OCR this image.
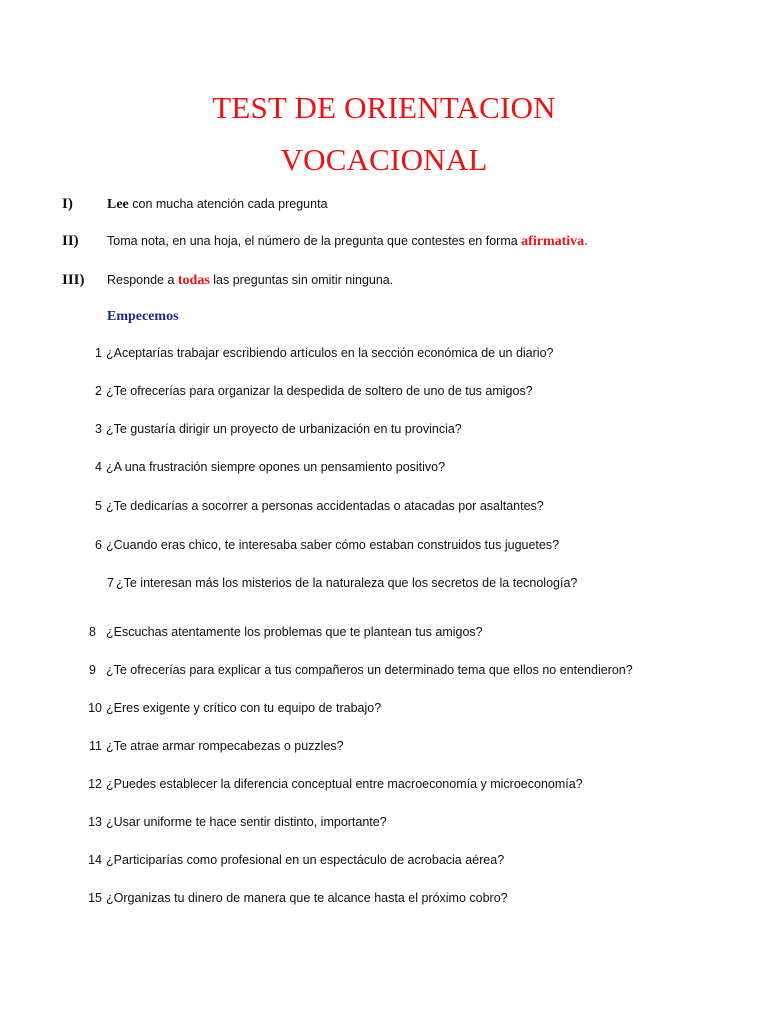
TEST DE ORIENTACION
VOCACIONAL
I) Lee con mucha atención cada pregunta
II) Toma nota, en una hoja, el número de la pregunta que contestes en forma afirmativa.
III) Responde a todas las preguntas sin omitir ninguna.
Empecemos
1 ¿Aceptarías trabajar escribiendo artículos en la sección económica de un diario?
2 ¿Te ofrecerías para organizar la despedida de soltero de uno de tus amigos?
3 ¿Te gustaría dirigir un proyecto de urbanización en tu provincia?
4 ¿A una frustración siempre opones un pensamiento positivo?
5 ¿Te dedicarías a socorrer a personas accidentadas o atacadas por asaltantes?
6 ¿Cuando eras chico, te interesaba saber cómo estaban construidos tus juguetes?
7 ¿Te interesan más los misterios de la naturaleza que los secretos de la tecnología?
8 ¿Escuchas atentamente los problemas que te plantean tus amigos?
9 ¿Te ofrecerías para explicar a tus compañeros un determinado tema que ellos no entendieron?
10 ¿Eres exigente y crítico con tu equipo de trabajo?
11 ¿Te atrae armar rompecabezas o puzzles?
12 ¿Puedes establecer la diferencia conceptual entre macroeconomía y microeconomía?
13 ¿Usar uniforme te hace sentir distinto, importante?
14 ¿Participarías como profesional en un espectáculo de acrobacia aérea?
15 ¿Organizas tu dinero de manera que te alcance hasta el próximo cobro?
